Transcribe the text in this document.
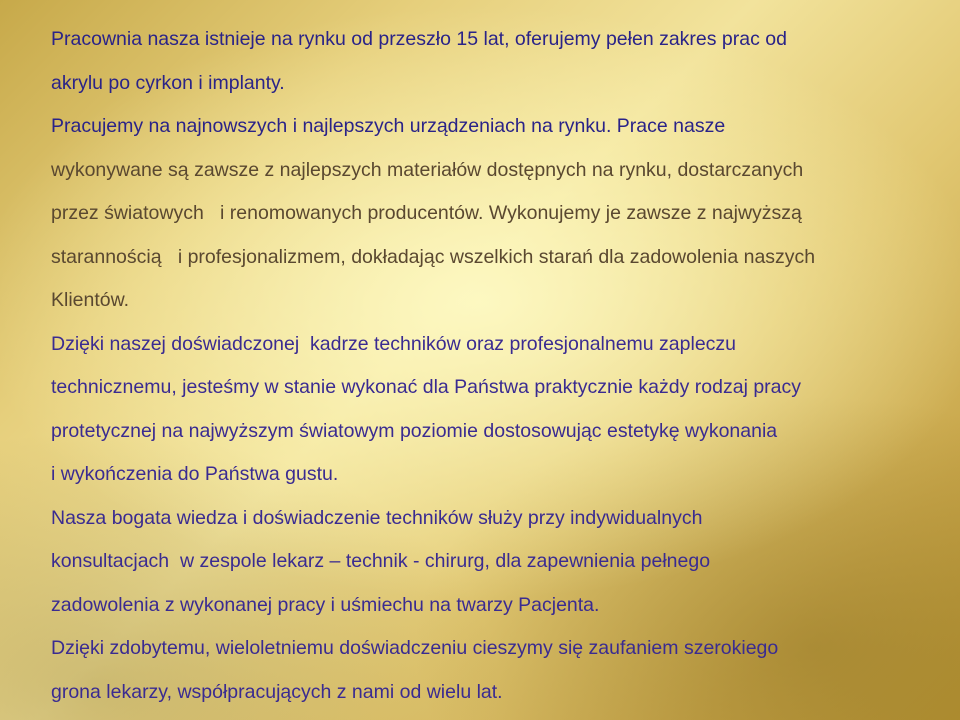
Pracownia nasza istnieje na rynku od przeszło 15 lat, oferujemy pełen zakres prac od
akrylu po cyrkon i implanty.
Pracujemy na najnowszych i najlepszych urządzeniach na rynku. Prace nasze
wykonywane są zawsze z najlepszych materiałów dostępnych na rynku, dostarczanych
przez światowych   i renomowanych producentów. Wykonujemy je zawsze z najwyższą
starannością   i profesjonalizmem, dokładając wszelkich starań dla zadowolenia naszych
Klientów.
Dzięki naszej doświadczonej  kadrze techników oraz profesjonalnemu zapleczu
technicznemu, jesteśmy w stanie wykonać dla Państwa praktycznie każdy rodzaj pracy
protetycznej na najwyższym światowym poziomie dostosowując estetykę wykonania
i wykończenia do Państwa gustu.
Nasza bogata wiedza i doświadczenie techników służy przy indywidualnych
konsultacjach  w zespole lekarz – technik - chirurg, dla zapewnienia pełnego
zadowolenia z wykonanej pracy i uśmiechu na twarzy Pacjenta.
Dzięki zdobytemu, wieloletniemu doświadczeniu cieszymy się zaufaniem szerokiego
grona lekarzy, współpracujących z nami od wielu lat.
